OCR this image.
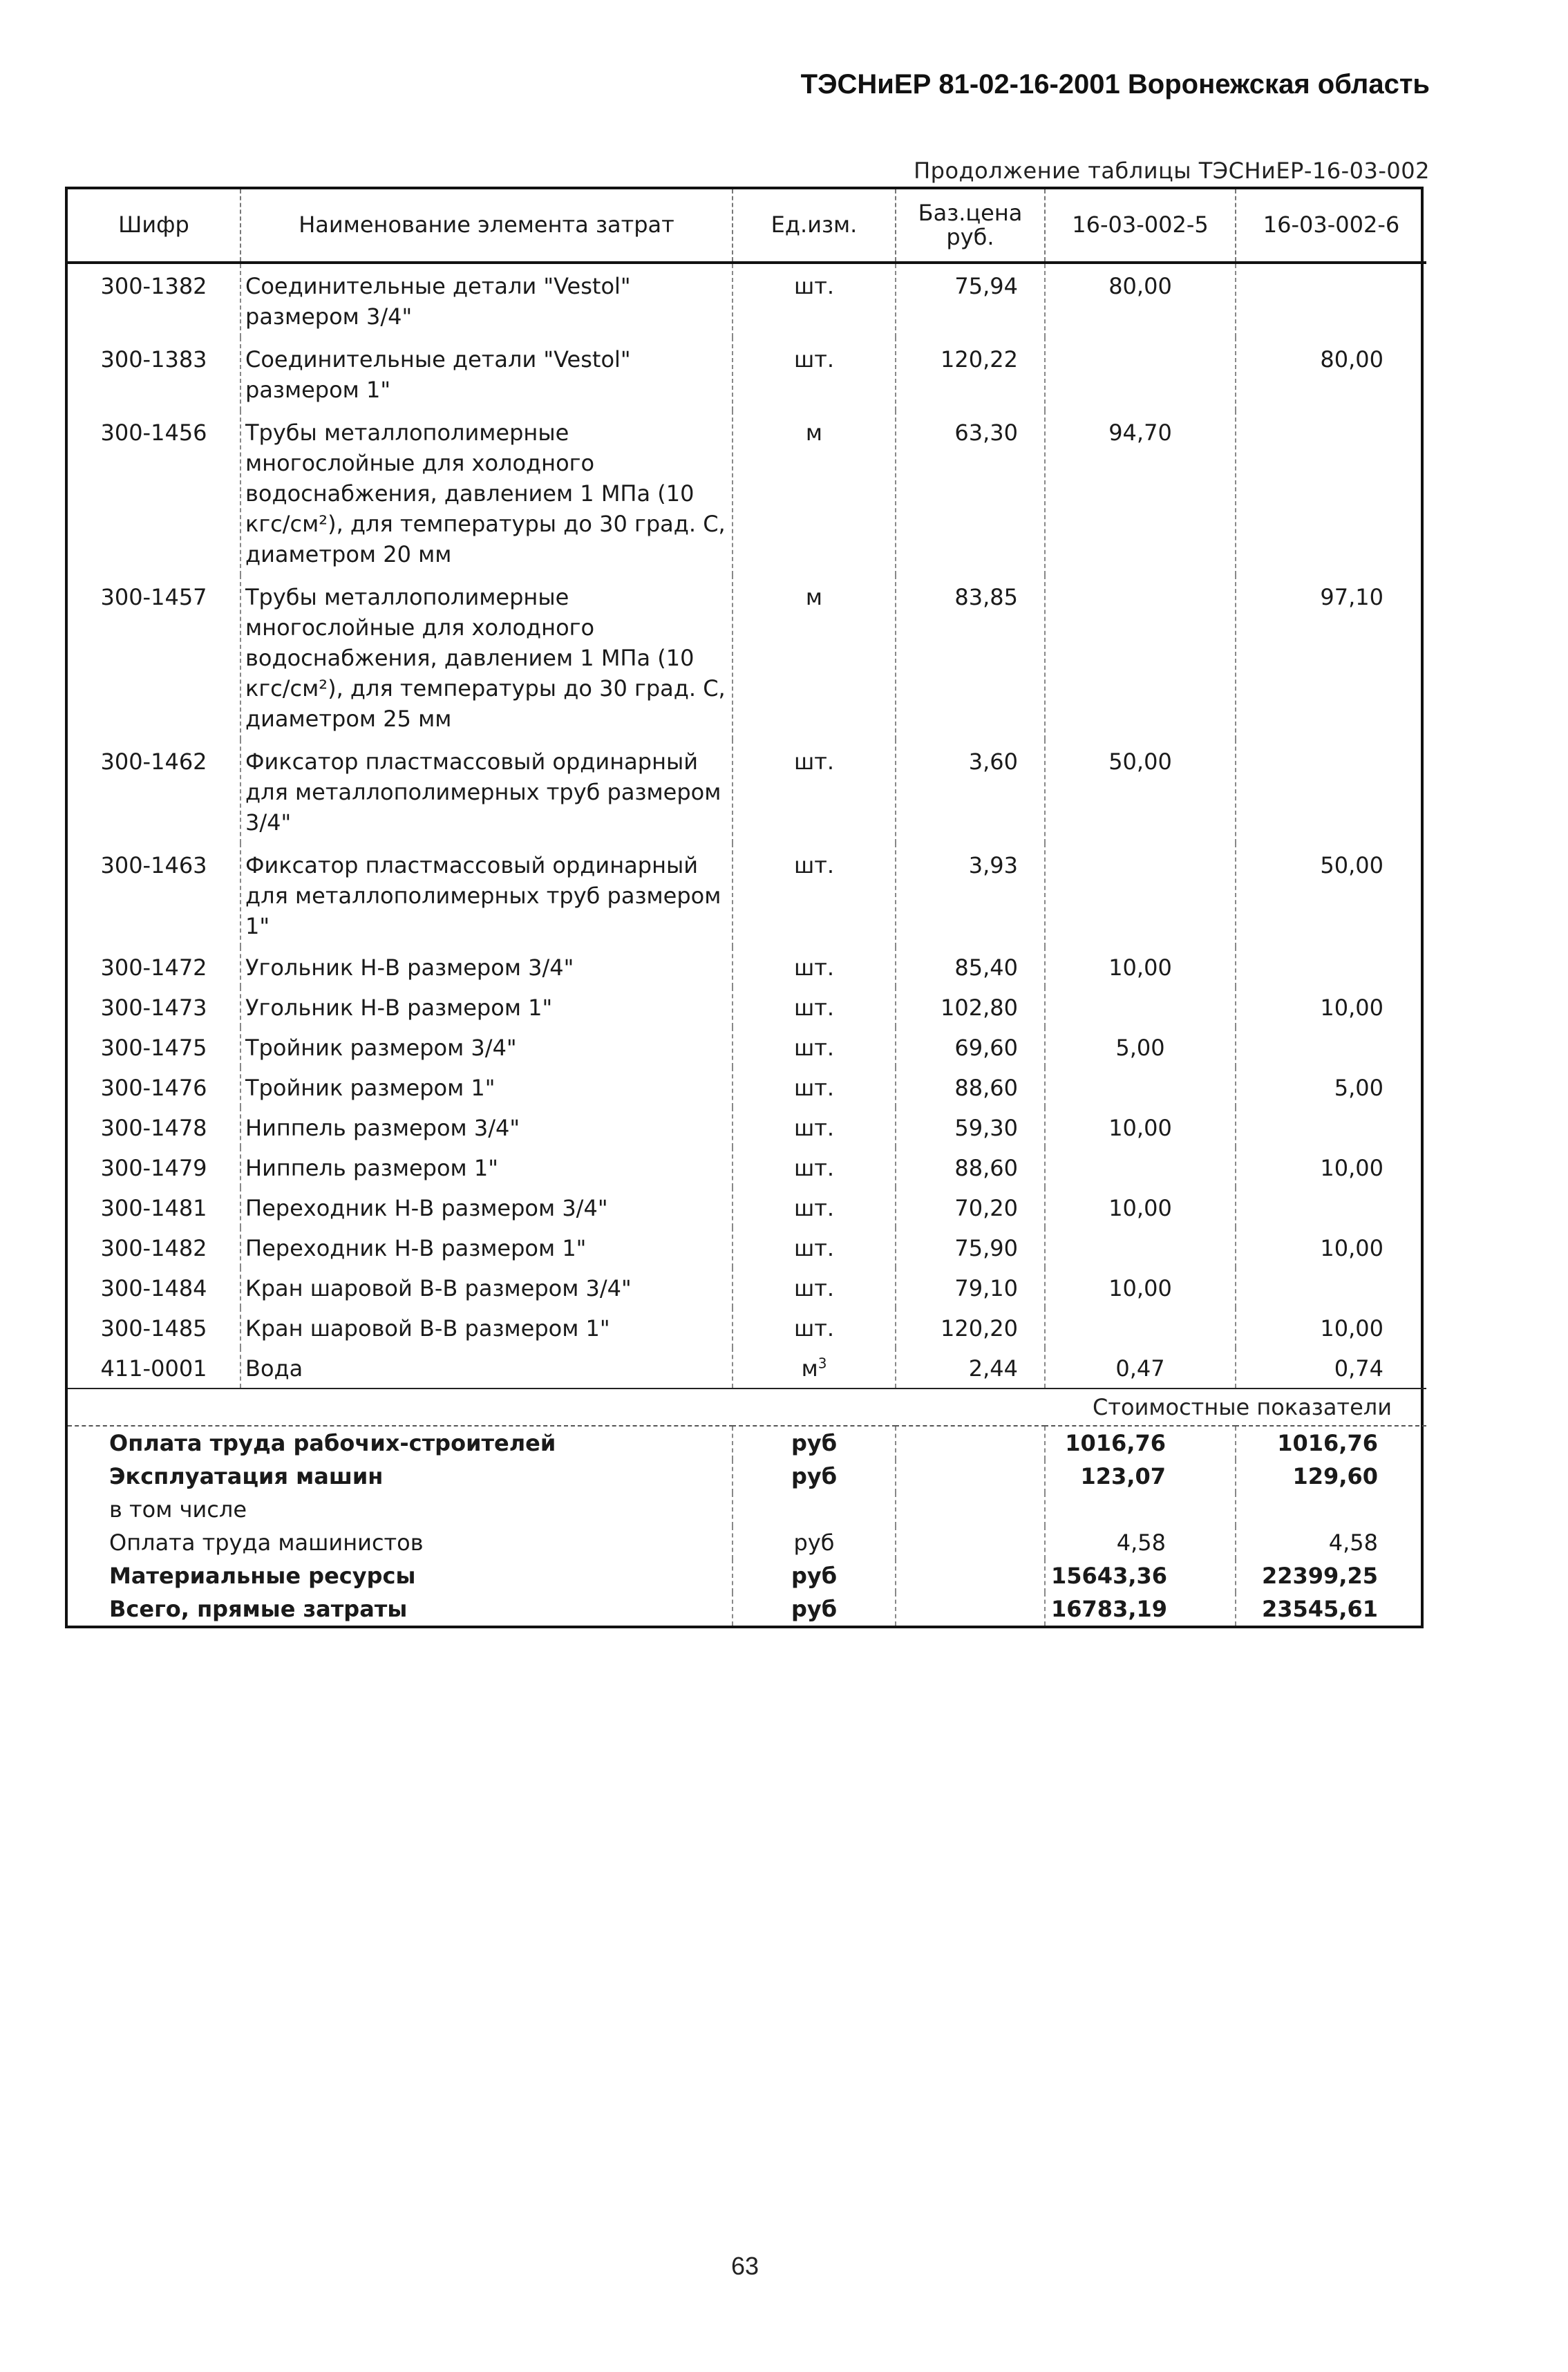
ТЭСНиЕР 81-02-16-2001 Воронежская область
Продолжение таблицы ТЭСНиЕР-16-03-002
Шифр	Наименование элемента затрат	Ед.изм.	Баз.цена руб.	16-03-002-5	16-03-002-6
300-1382	Соединительные детали "Vestol" размером 3/4"	шт.	75,94	80,00	
300-1383	Соединительные детали "Vestol" размером 1"	шт.	120,22		80,00
300-1456	Трубы металлополимерные многослойные для холодного водоснабжения, давлением 1 МПа (10 кгс/см²), для температуры до 30 град. С, диаметром 20 мм	м	63,30	94,70	
300-1457	Трубы металлополимерные многослойные для холодного водоснабжения, давлением 1 МПа (10 кгс/см²), для температуры до 30 град. С, диаметром 25 мм	м	83,85		97,10
300-1462	Фиксатор пластмассовый ординарный для металлополимерных труб размером 3/4"	шт.	3,60	50,00	
300-1463	Фиксатор пластмассовый ординарный для металлополимерных труб размером 1"	шт.	3,93		50,00
300-1472	Угольник Н-В размером 3/4"	шт.	85,40	10,00	
300-1473	Угольник Н-В размером 1"	шт.	102,80		10,00
300-1475	Тройник размером 3/4"	шт.	69,60	5,00	
300-1476	Тройник размером 1"	шт.	88,60		5,00
300-1478	Ниппель размером 3/4"	шт.	59,30	10,00	
300-1479	Ниппель размером 1"	шт.	88,60		10,00
300-1481	Переходник Н-В размером 3/4"	шт.	70,20	10,00	
300-1482	Переходник Н-В размером 1"	шт.	75,90		10,00
300-1484	Кран шаровой В-В размером 3/4"	шт.	79,10	10,00	
300-1485	Кран шаровой В-В размером 1"	шт.	120,20		10,00
411-0001	Вода	$м^3$	2,44	0,47	0,74
Стоимостные показатели					
Оплата труда рабочих-строителей		руб		1016,76	1016,76
Эксплуатация машин		руб		123,07	129,60
в том числе					
Оплата труда машинистов		руб		4,58	4,58
Материальные ресурсы		руб		15643,36	22399,25
Всего, прямые затраты		руб		16783,19	23545,61
63
